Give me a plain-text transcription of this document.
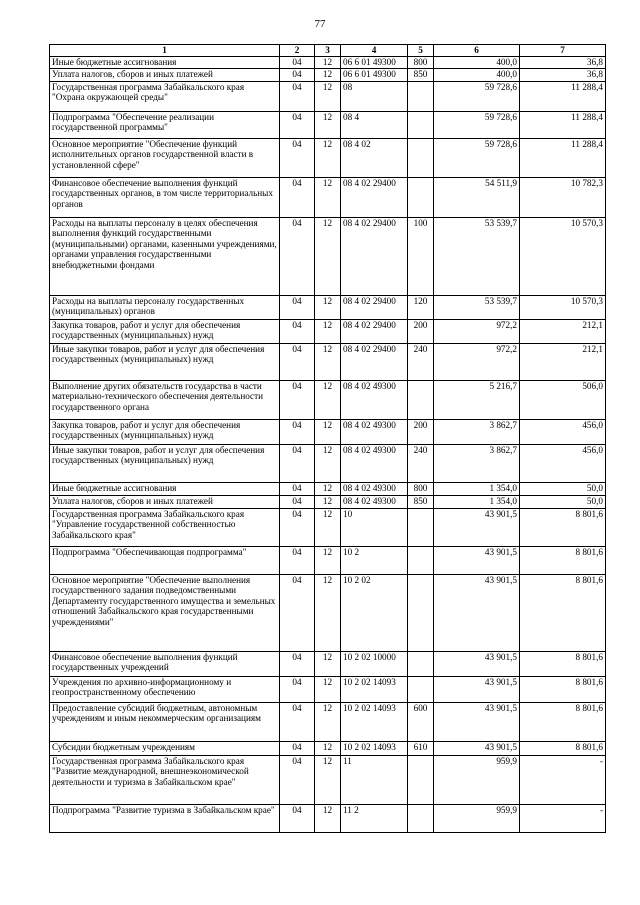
77
1	2	3	4	5	6	7
Иные бюджетные ассигнования	04	12	06 6 01 49300	800	400,0	36,8
Уплата налогов, сборов и иных платежей	04	12	06 6 01 49300	850	400,0	36,8
Государственная программа Забайкальского края "Охрана окружающей среды"	04	12	08		59 728,6	11 288,4
Подпрограмма "Обеспечение реализации государственной программы"	04	12	08 4		59 728,6	11 288,4
Основное мероприятие "Обеспечение функций исполнительных органов государственной власти в установленной сфере"	04	12	08 4 02		59 728,6	11 288,4
Финансовое обеспечение выполнения функций государственных органов, в том числе территориальных органов	04	12	08 4 02 29400		54 511,9	10 782,3
Расходы на выплаты персоналу в целях обеспечения выполнения функций государственными (муниципальными) органами, казенными учреждениями, органами управления государственными внебюджетными фондами	04	12	08 4 02 29400	100	53 539,7	10 570,3
Расходы на выплаты персоналу государственных (муниципальных) органов	04	12	08 4 02 29400	120	53 539,7	10 570,3
Закупка товаров, работ и услуг для обеспечения государственных (муниципальных) нужд	04	12	08 4 02 29400	200	972,2	212,1
Иные закупки товаров, работ и услуг для обеспечения государственных (муниципальных) нужд	04	12	08 4 02 29400	240	972,2	212,1
Выполнение других обязательств государства в части материально-технического обеспечения деятельности государственного органа	04	12	08 4 02 49300		5 216,7	506,0
Закупка товаров, работ и услуг для обеспечения государственных (муниципальных) нужд	04	12	08 4 02 49300	200	3 862,7	456,0
Иные закупки товаров, работ и услуг для обеспечения государственных (муниципальных) нужд	04	12	08 4 02 49300	240	3 862,7	456,0
Иные бюджетные ассигнования	04	12	08 4 02 49300	800	1 354,0	50,0
Уплата налогов, сборов и иных платежей	04	12	08 4 02 49300	850	1 354,0	50,0
Государственная программа Забайкальского края "Управление государственной собственностью Забайкальского края"	04	12	10		43 901,5	8 801,6
Подпрограмма "Обеспечивающая подпрограмма"	04	12	10 2		43 901,5	8 801,6
Основное мероприятие "Обеспечение выполнения государственного задания подведомственными Департаменту государственного имущества и земельных отношений Забайкальского края государственными учреждениями"	04	12	10 2 02		43 901,5	8 801,6
Финансовое обеспечение выполнения функций государственных учреждений	04	12	10 2 02 10000		43 901,5	8 801,6
Учреждения по архивно-информационному и геопространственному обеспечению	04	12	10 2 02 14093		43 901,5	8 801,6
Предоставление субсидий бюджетным, автономным учреждениям и иным некоммерческим организациям	04	12	10 2 02 14093	600	43 901,5	8 801,6
Субсидии бюджетным учреждениям	04	12	10 2 02 14093	610	43 901,5	8 801,6
Государственная программа Забайкальского края "Развитие международной, внешнеэкономической деятельности и туризма в Забайкальском крае"	04	12	11		959,9	-
Подпрограмма "Развитие туризма в Забайкальском крае"	04	12	11 2		959,9	-
